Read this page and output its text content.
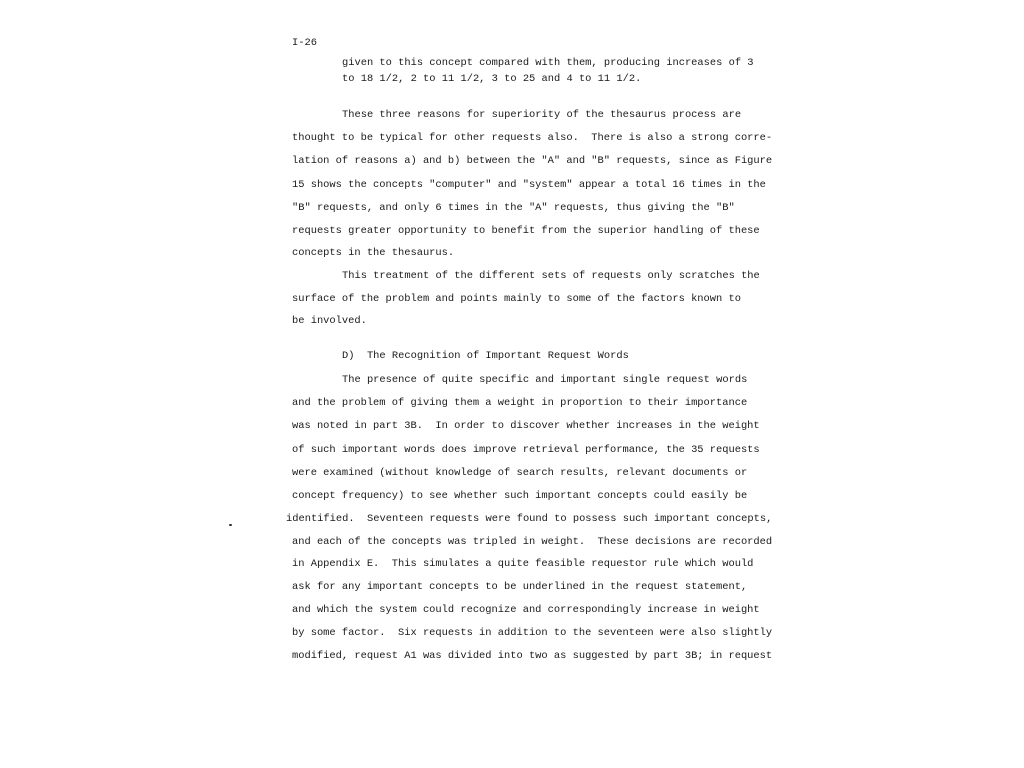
I-26
given to this concept compared with them, producing increases of 3
to 18 1/2, 2 to 11 1/2, 3 to 25 and 4 to 11 1/2.
These three reasons for superiority of the thesaurus process are
thought to be typical for other requests also.  There is also a strong corre-
lation of reasons a) and b) between the "A" and "B" requests, since as Figure
15 shows the concepts "computer" and "system" appear a total 16 times in the
"B" requests, and only 6 times in the "A" requests, thus giving the "B"
requests greater opportunity to benefit from the superior handling of these
concepts in the thesaurus.
This treatment of the different sets of requests only scratches the
surface of the problem and points mainly to some of the factors known to
be involved.
D)  The Recognition of Important Request Words
The presence of quite specific and important single request words
and the problem of giving them a weight in proportion to their importance
was noted in part 3B.  In order to discover whether increases in the weight
of such important words does improve retrieval performance, the 35 requests
were examined (without knowledge of search results, relevant documents or
concept frequency) to see whether such important concepts could easily be
identified.  Seventeen requests were found to possess such important concepts,
and each of the concepts was tripled in weight.  These decisions are recorded
in Appendix E.  This simulates a quite feasible requestor rule which would
ask for any important concepts to be underlined in the request statement,
and which the system could recognize and correspondingly increase in weight
by some factor.  Six requests in addition to the seventeen were also slightly
modified, request A1 was divided into two as suggested by part 3B; in request
